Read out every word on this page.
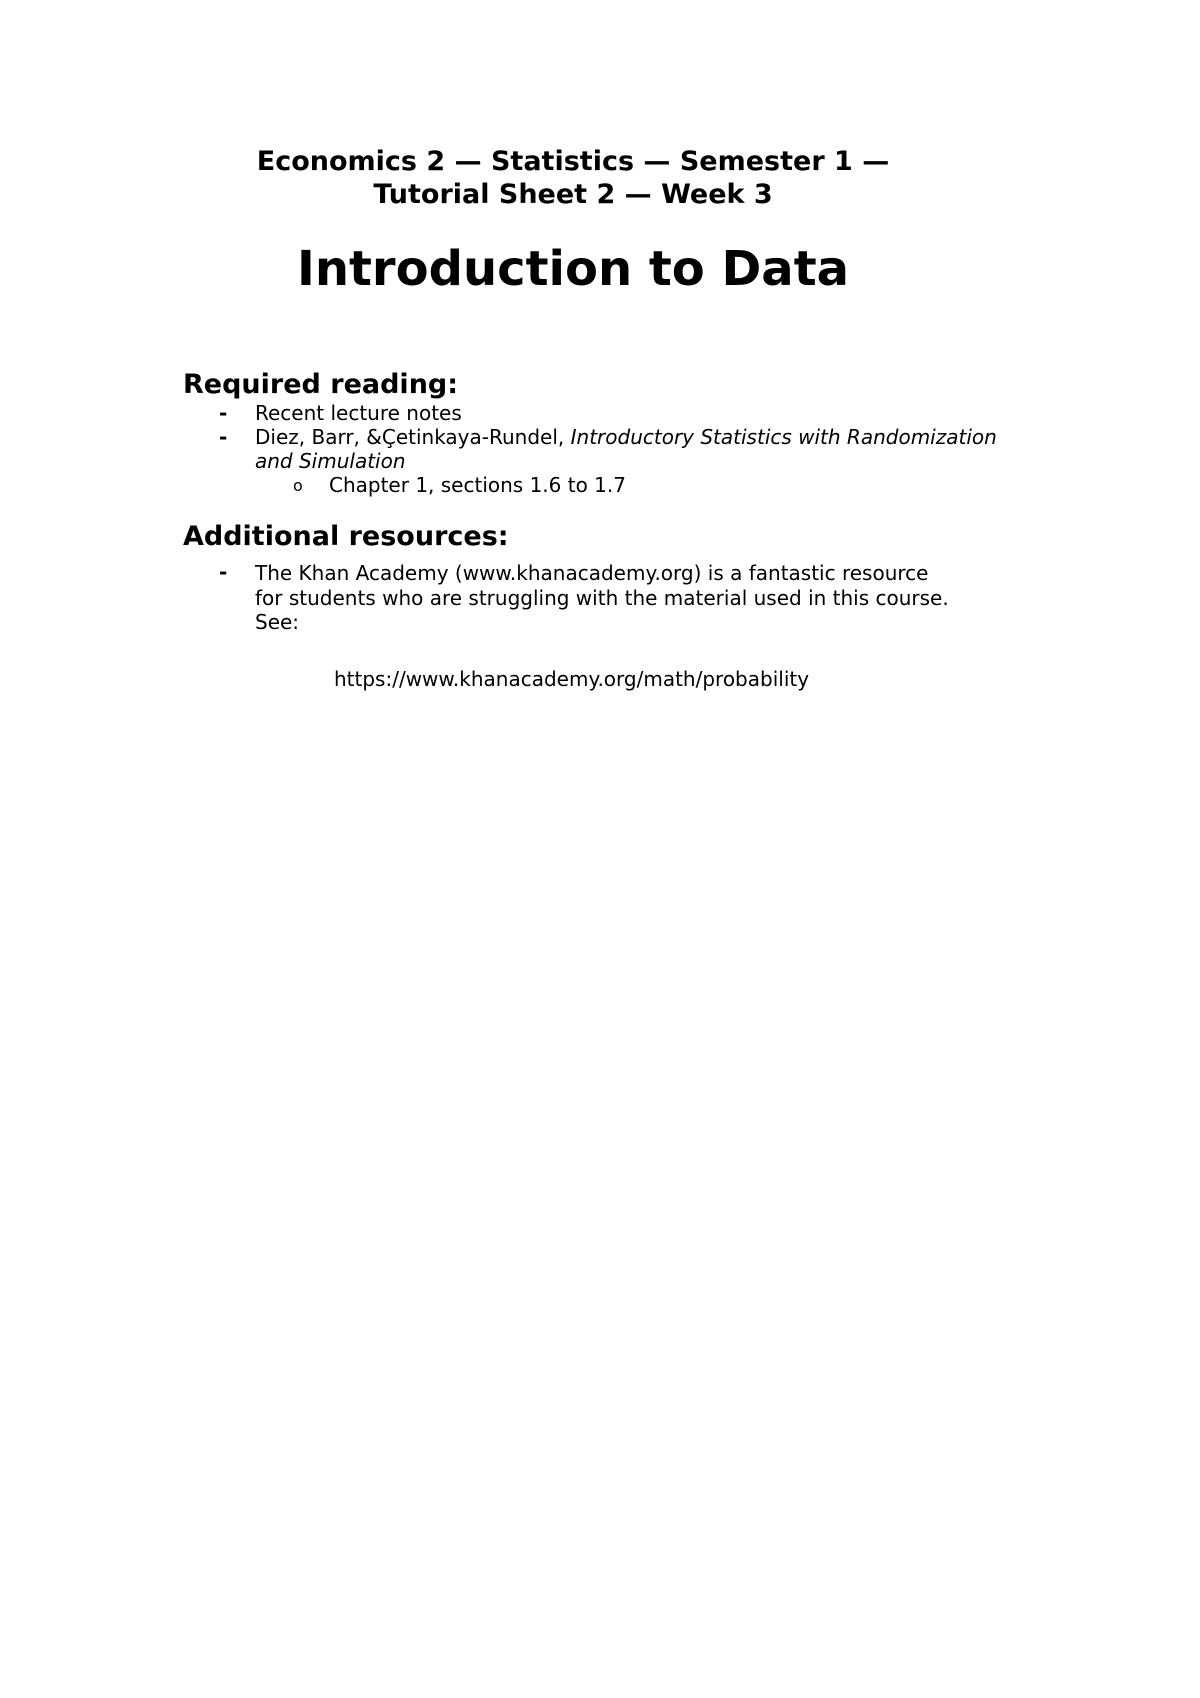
Economics 2 — Statistics — Semester 1 —
Tutorial Sheet 2 — Week 3
Introduction to Data
Required reading:
- Recent lecture notes
- Diez, Barr, &Çetinkaya-Rundel, Introductory Statistics with Randomization
and Simulation
o Chapter 1, sections 1.6 to 1.7
Additional resources:
- The Khan Academy (www.khanacademy.org) is a fantastic resource
for students who are struggling with the material used in this course.
See:
https://www.khanacademy.org/math/probability
